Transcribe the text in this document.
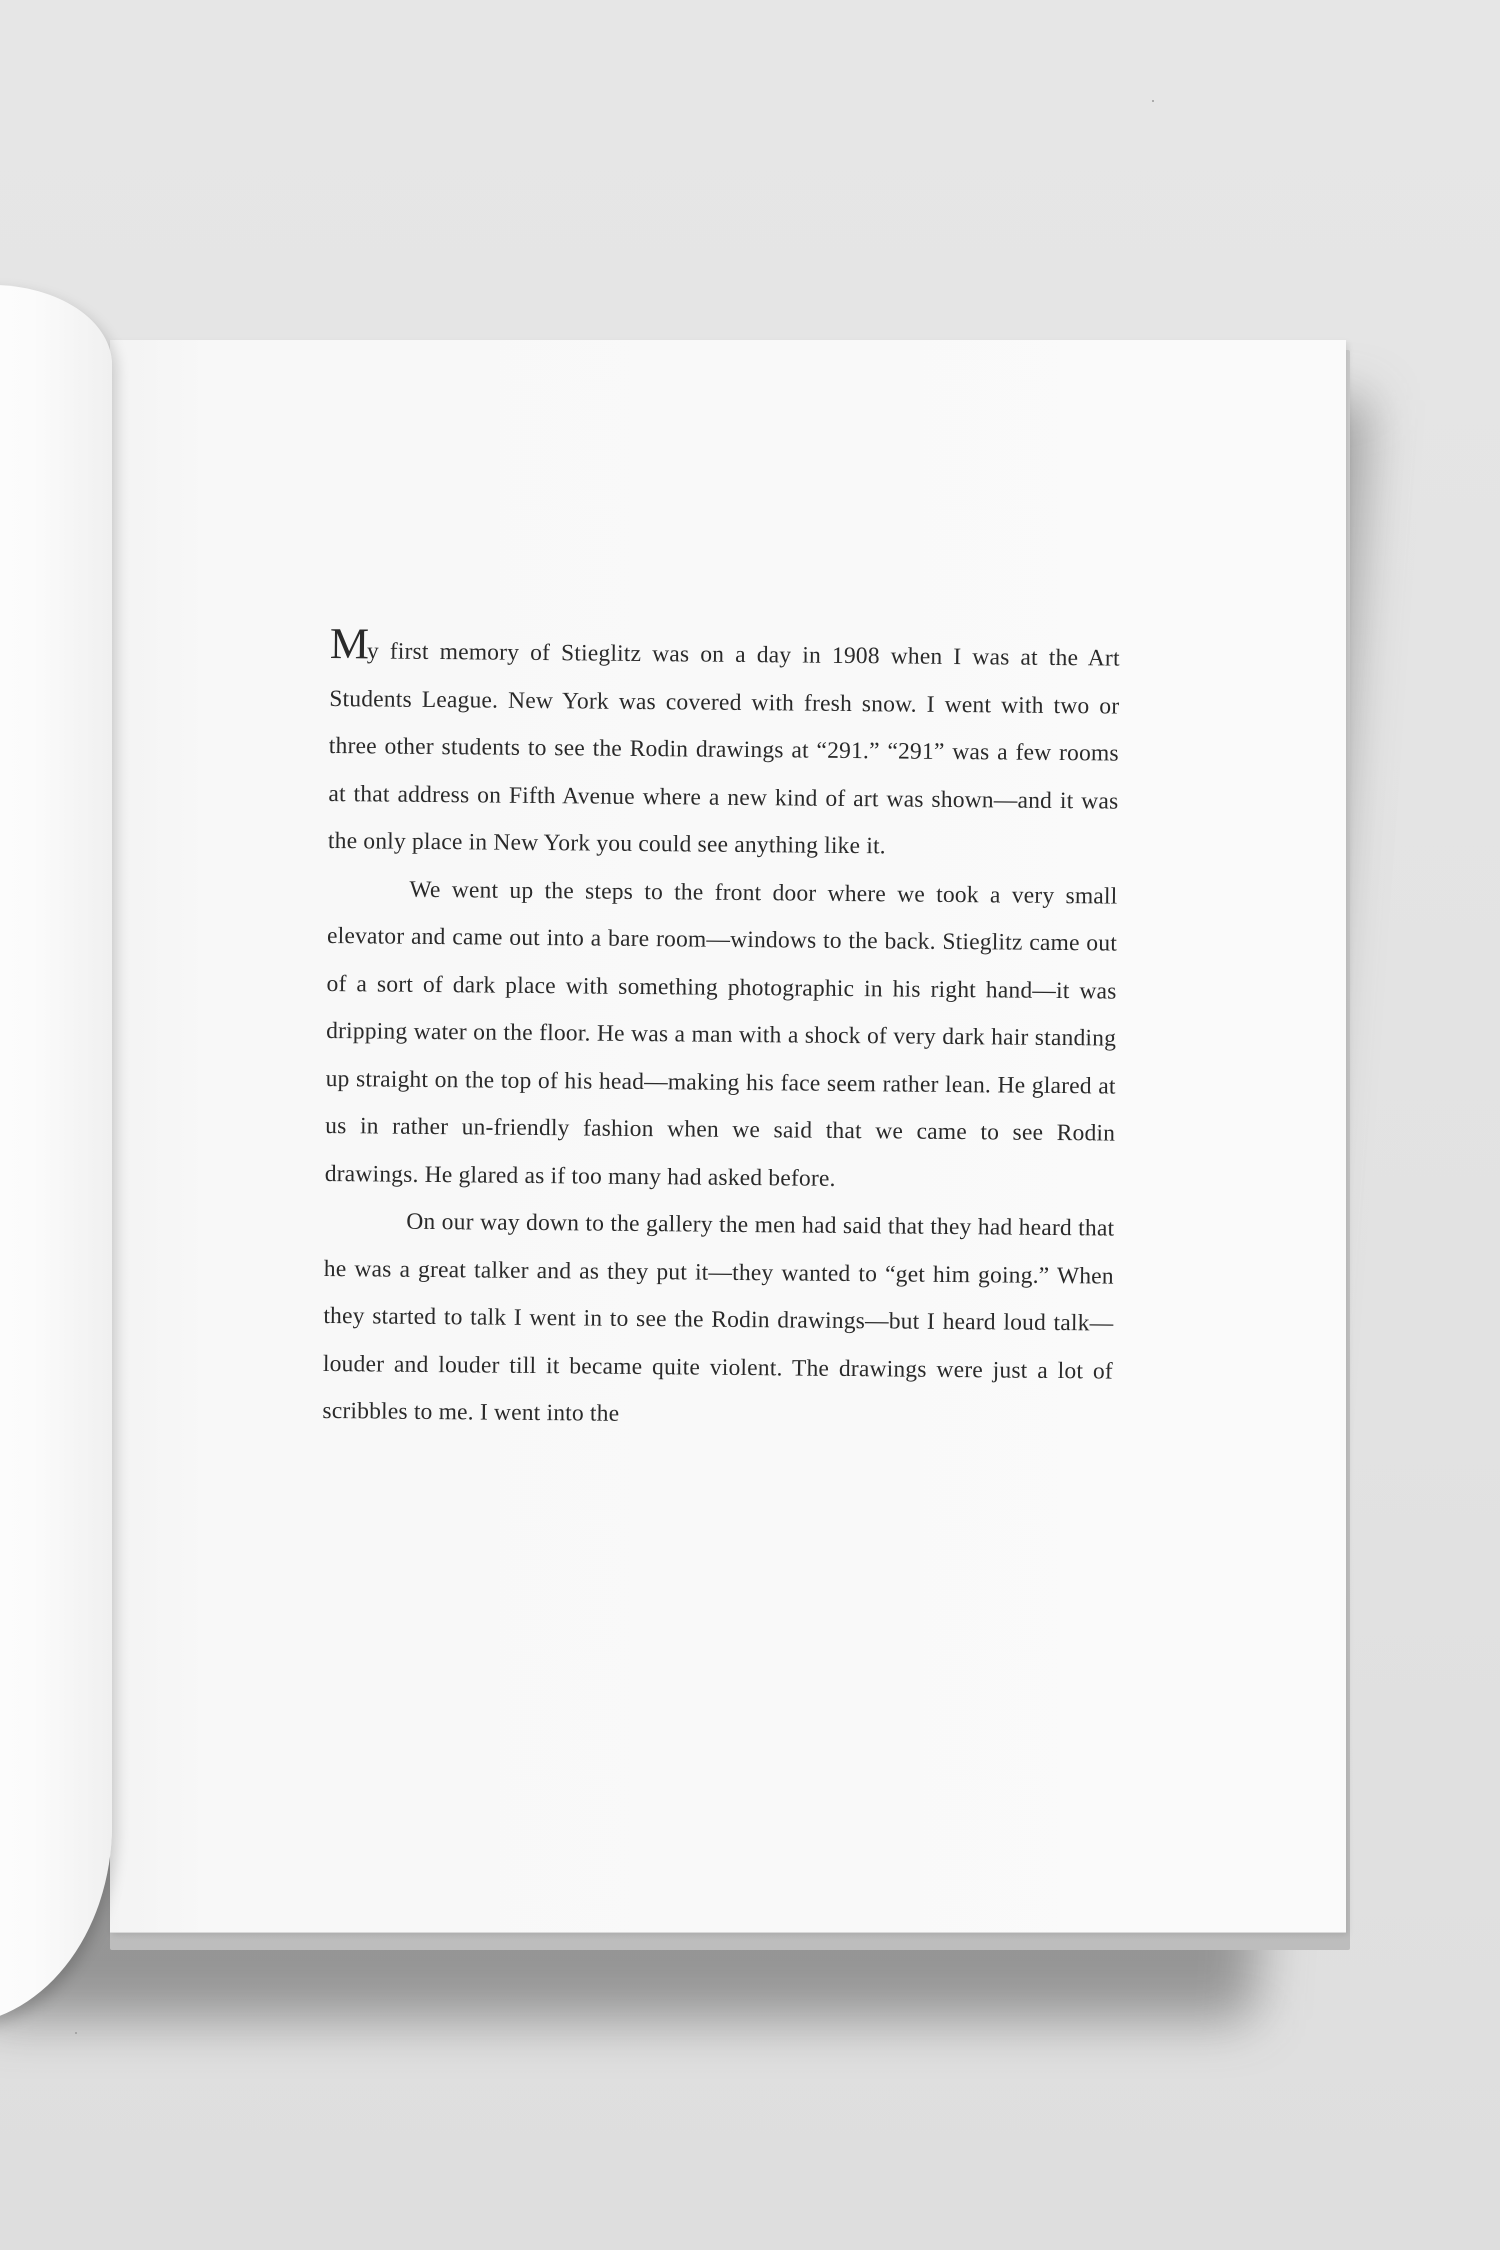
My first memory of Stieglitz was on a day in 1908 when I was at the Art Students League. New York was covered with fresh snow. I went with two or three other students to see the Rodin drawings at “291.” “291” was a few rooms at that address on Fifth Avenue where a new kind of art was shown—and it was the only place in New York you could see anything like it.

We went up the steps to the front door where we took a very small elevator and came out into a bare room—windows to the back. Stieglitz came out of a sort of dark place with something photographic in his right hand—it was dripping water on the floor. He was a man with a shock of very dark hair standing up straight on the top of his head—making his face seem rather lean. He glared at us in rather un-friendly fashion when we said that we came to see Rodin drawings. He glared as if too many had asked before.

On our way down to the gallery the men had said that they had heard that he was a great talker and as they put it—they wanted to “get him going.” When they started to talk I went in to see the Rodin drawings—but I heard loud talk—louder and louder till it became quite violent. The drawings were just a lot of scribbles to me. I went into the
